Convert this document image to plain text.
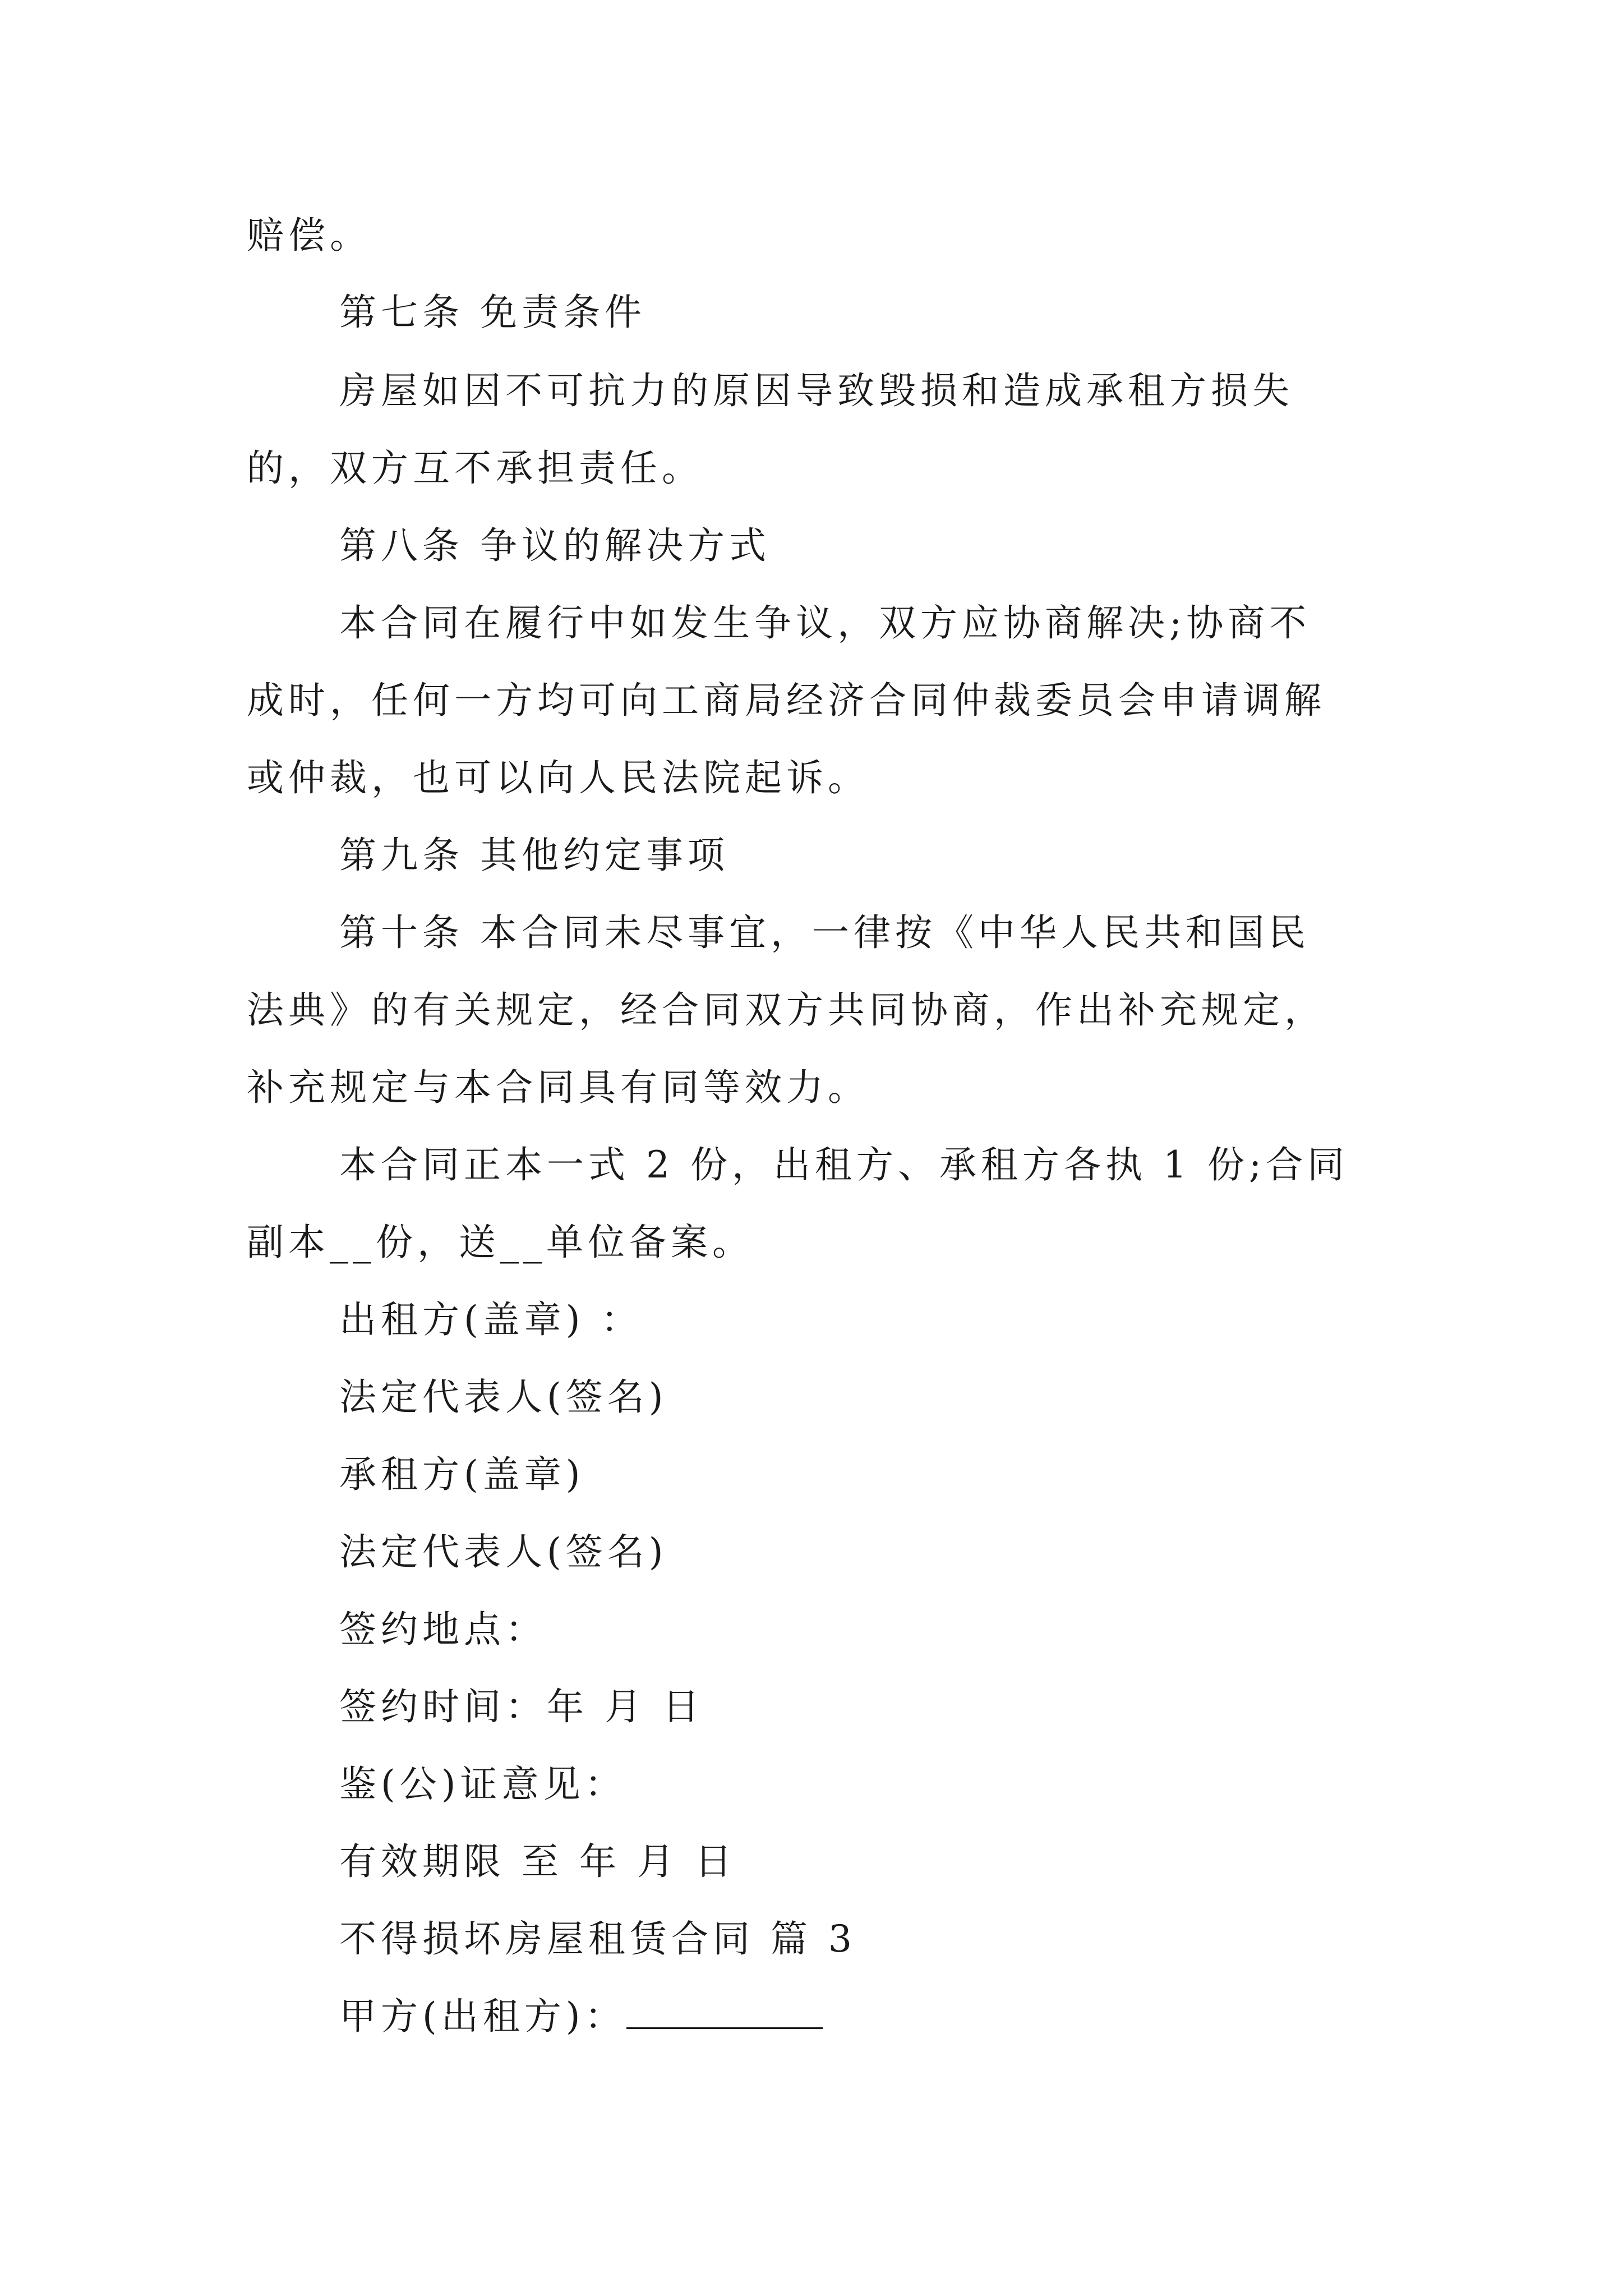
赔偿。
第七条 免责条件
房屋如因不可抗力的原因导致毁损和造成承租方损失
的，双方互不承担责任。
第八条 争议的解决方式
本合同在履行中如发生争议，双方应协商解决;协商不
成时，任何一方均可向工商局经济合同仲裁委员会申请调解
或仲裁，也可以向人民法院起诉。
第九条 其他约定事项
第十条 本合同未尽事宜，一律按《中华人民共和国民
法典》的有关规定，经合同双方共同协商，作出补充规定，
补充规定与本合同具有同等效力。
本合同正本一式 2 份，出租方、承租方各执 1 份;合同
副本__份，送__单位备案。
出租方(盖章) ：
法定代表人(签名)
承租方(盖章)
法定代表人(签名)
签约地点：
签约时间：年 月 日
鉴(公)证意见：
有效期限 至 年 月 日
不得损坏房屋租赁合同 篇 3
甲方(出租方)：
